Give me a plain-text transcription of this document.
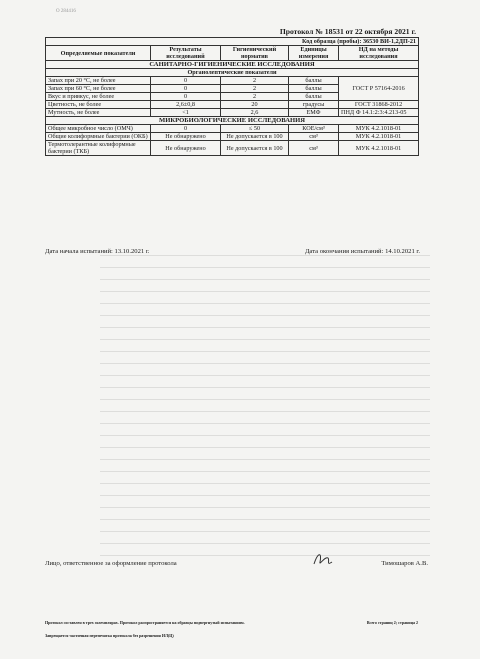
О 284416
Протокол № 18531 от 22 октября 2021 г.
Код образца (пробы): 36530 ВИ-1,2ДП-21				
Определяемые показатели	Результаты исследований	Гигиенический норматив	Единицы измерения	НД на методы исследования
САНИТАРНО-ГИГИЕНИЧЕСКИЕ ИССЛЕДОВАНИЯ				
Органолептические показатели				
Запах при 20 °С, не более	0	2	баллы	ГОСТ Р 57164-2016
Запах при 60 °С, не более	0	2	баллы	
Вкус и привкус, не более	0	2	баллы	
Цветность, не более	2,6±0,8	20	градусы	ГОСТ 31868-2012
Мутность, не более	<1	2,6	ЕМФ	ПНД Ф 14.1:2:3:4.213-05
МИКРОБИОЛОГИЧЕСКИЕ ИССЛЕДОВАНИЯ				
Общее микробное число (ОМЧ)	0	≤ 50	КОЕ/см³	МУК 4.2.1018-01
Общие колиформные бактерии (ОКБ)	Не обнаружено	Не допускается в 100	см³	МУК 4.2.1018-01
Термотолерантные колиформные бактерии (ТКБ)	Не обнаружено	Не допускается в 100	см³	МУК 4.2.1018-01
Дата начала испытаний: 13.10.2021 г.	Дата окончания испытаний: 14.10.2021 г.
Лицо, ответственное за оформление протокола	Тимошаров А.В.
Протокол составлен в трех экземплярах. Протокол распространяется на образцы подвергнутый испытаниям.
Запрещается частичная перепечатка протокола без разрешения ИЛ(Ц)
Всего страниц 2; страница 2
